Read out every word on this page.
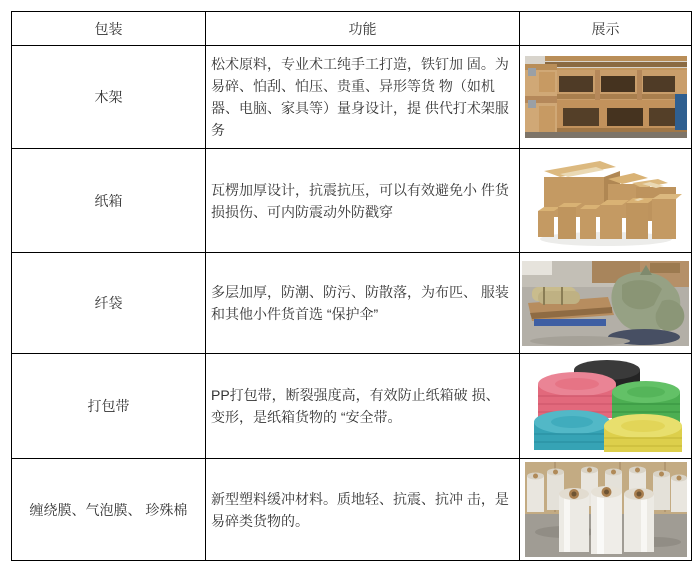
包装	功能	展示
木架	松术原料，专业术工纯手工打造，铁钉加 固。为易碎、怕刮、怕压、贵重、异形等货 物（如机器、电脑、家具等）量身设计，提 供代打术架服务	

纸箱	瓦楞加厚设计，抗震抗压，可以有效避免小 件货损损伤、可内防震动外防戳穿	

纤袋	多层加厚，防潮、防污、防散落，为布匹、 服装和其他小件货首选 “保护伞”	

打包带	PP打包带，断裂强度高，有效防止纸箱破 损、变形，是纸箱货物的 “安全带。	

缠绕膜、气泡膜、 珍殊棉	新型塑料缓冲材料。质地轻、抗震、抗冲 击，是易碎类货物的。	
